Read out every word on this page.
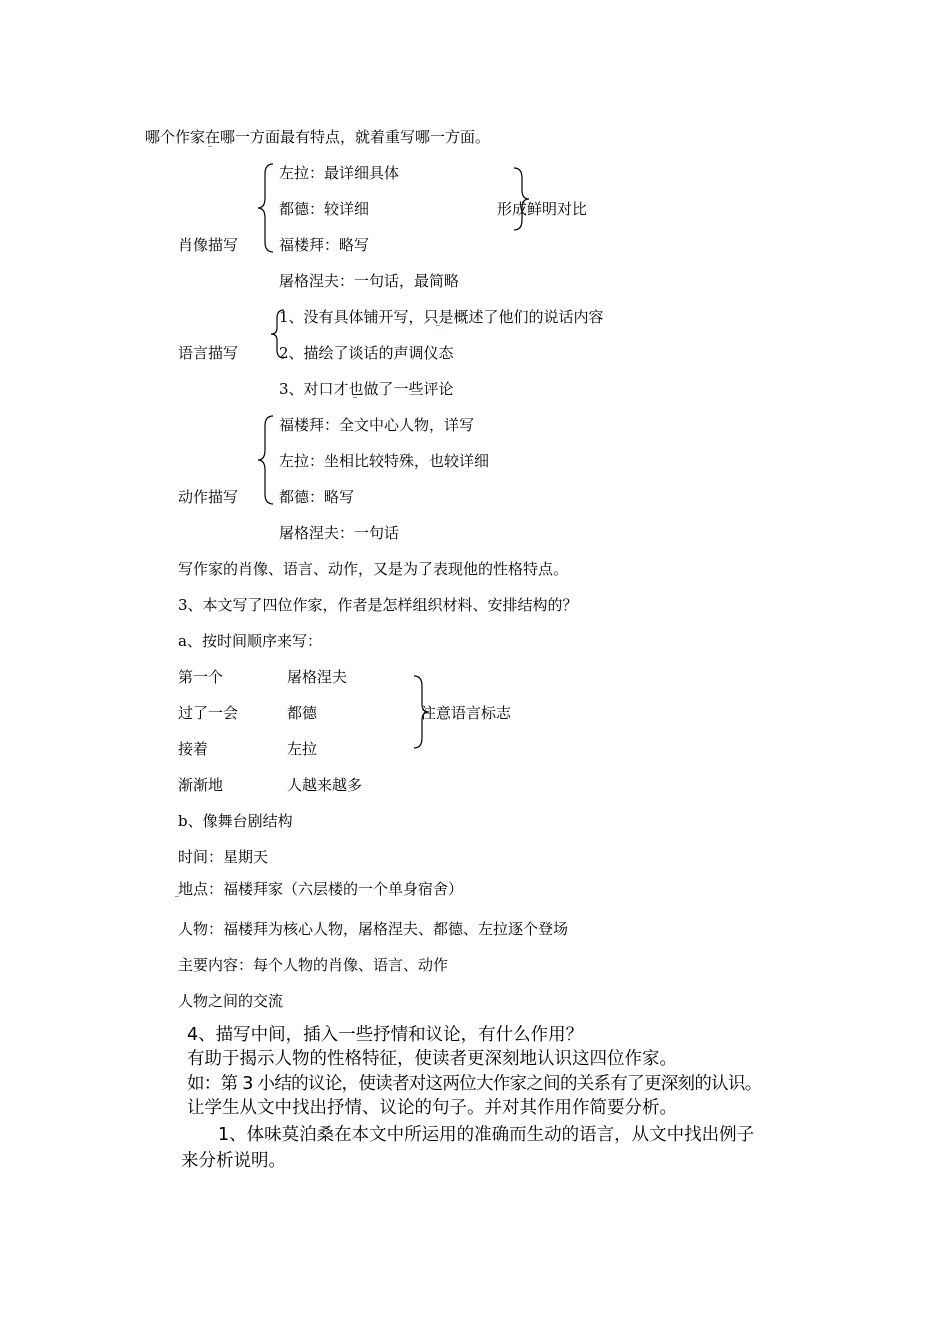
哪个作家在哪一方面最有特点，就着重写哪一方面。
左拉：最详细具体
都德：较详细	形成鲜明对比
肖像描写	福楼拜：略写
屠格涅夫：一句话，最简略
1、没有具体铺开写，只是概述了他们的说话内容
语言描写	2、描绘了谈话的声调仪态
3、对口才也做了一些评论
福楼拜：全文中心人物，详写
左拉：坐相比较特殊，也较详细
动作描写	都德：略写
屠格涅夫：一句话
写作家的肖像、语言、动作，又是为了表现他的性格特点。
3、本文写了四位作家，作者是怎样组织材料、安排结构的？
a、按时间顺序来写：
第一个	屠格涅夫
过了一会	都德	注意语言标志
接着	左拉
渐渐地	人越来越多
b、像舞台剧结构
时间：星期天
地点：福楼拜家（六层楼的一个单身宿舍）
人物：福楼拜为核心人物，屠格涅夫、都德、左拉逐个登场
主要内容：每个人物的肖像、语言、动作
人物之间的交流
4、描写中间，插入一些抒情和议论，有什么作用？
有助于揭示人物的性格特征，使读者更深刻地认识这四位作家。
如：第 3 小结的议论，使读者对这两位大作家之间的关系有了更深刻的认识。
让学生从文中找出抒情、议论的句子。并对其作用作简要分析。
1、体味莫泊桑在本文中所运用的准确而生动的语言，从文中找出例子
来分析说明。
